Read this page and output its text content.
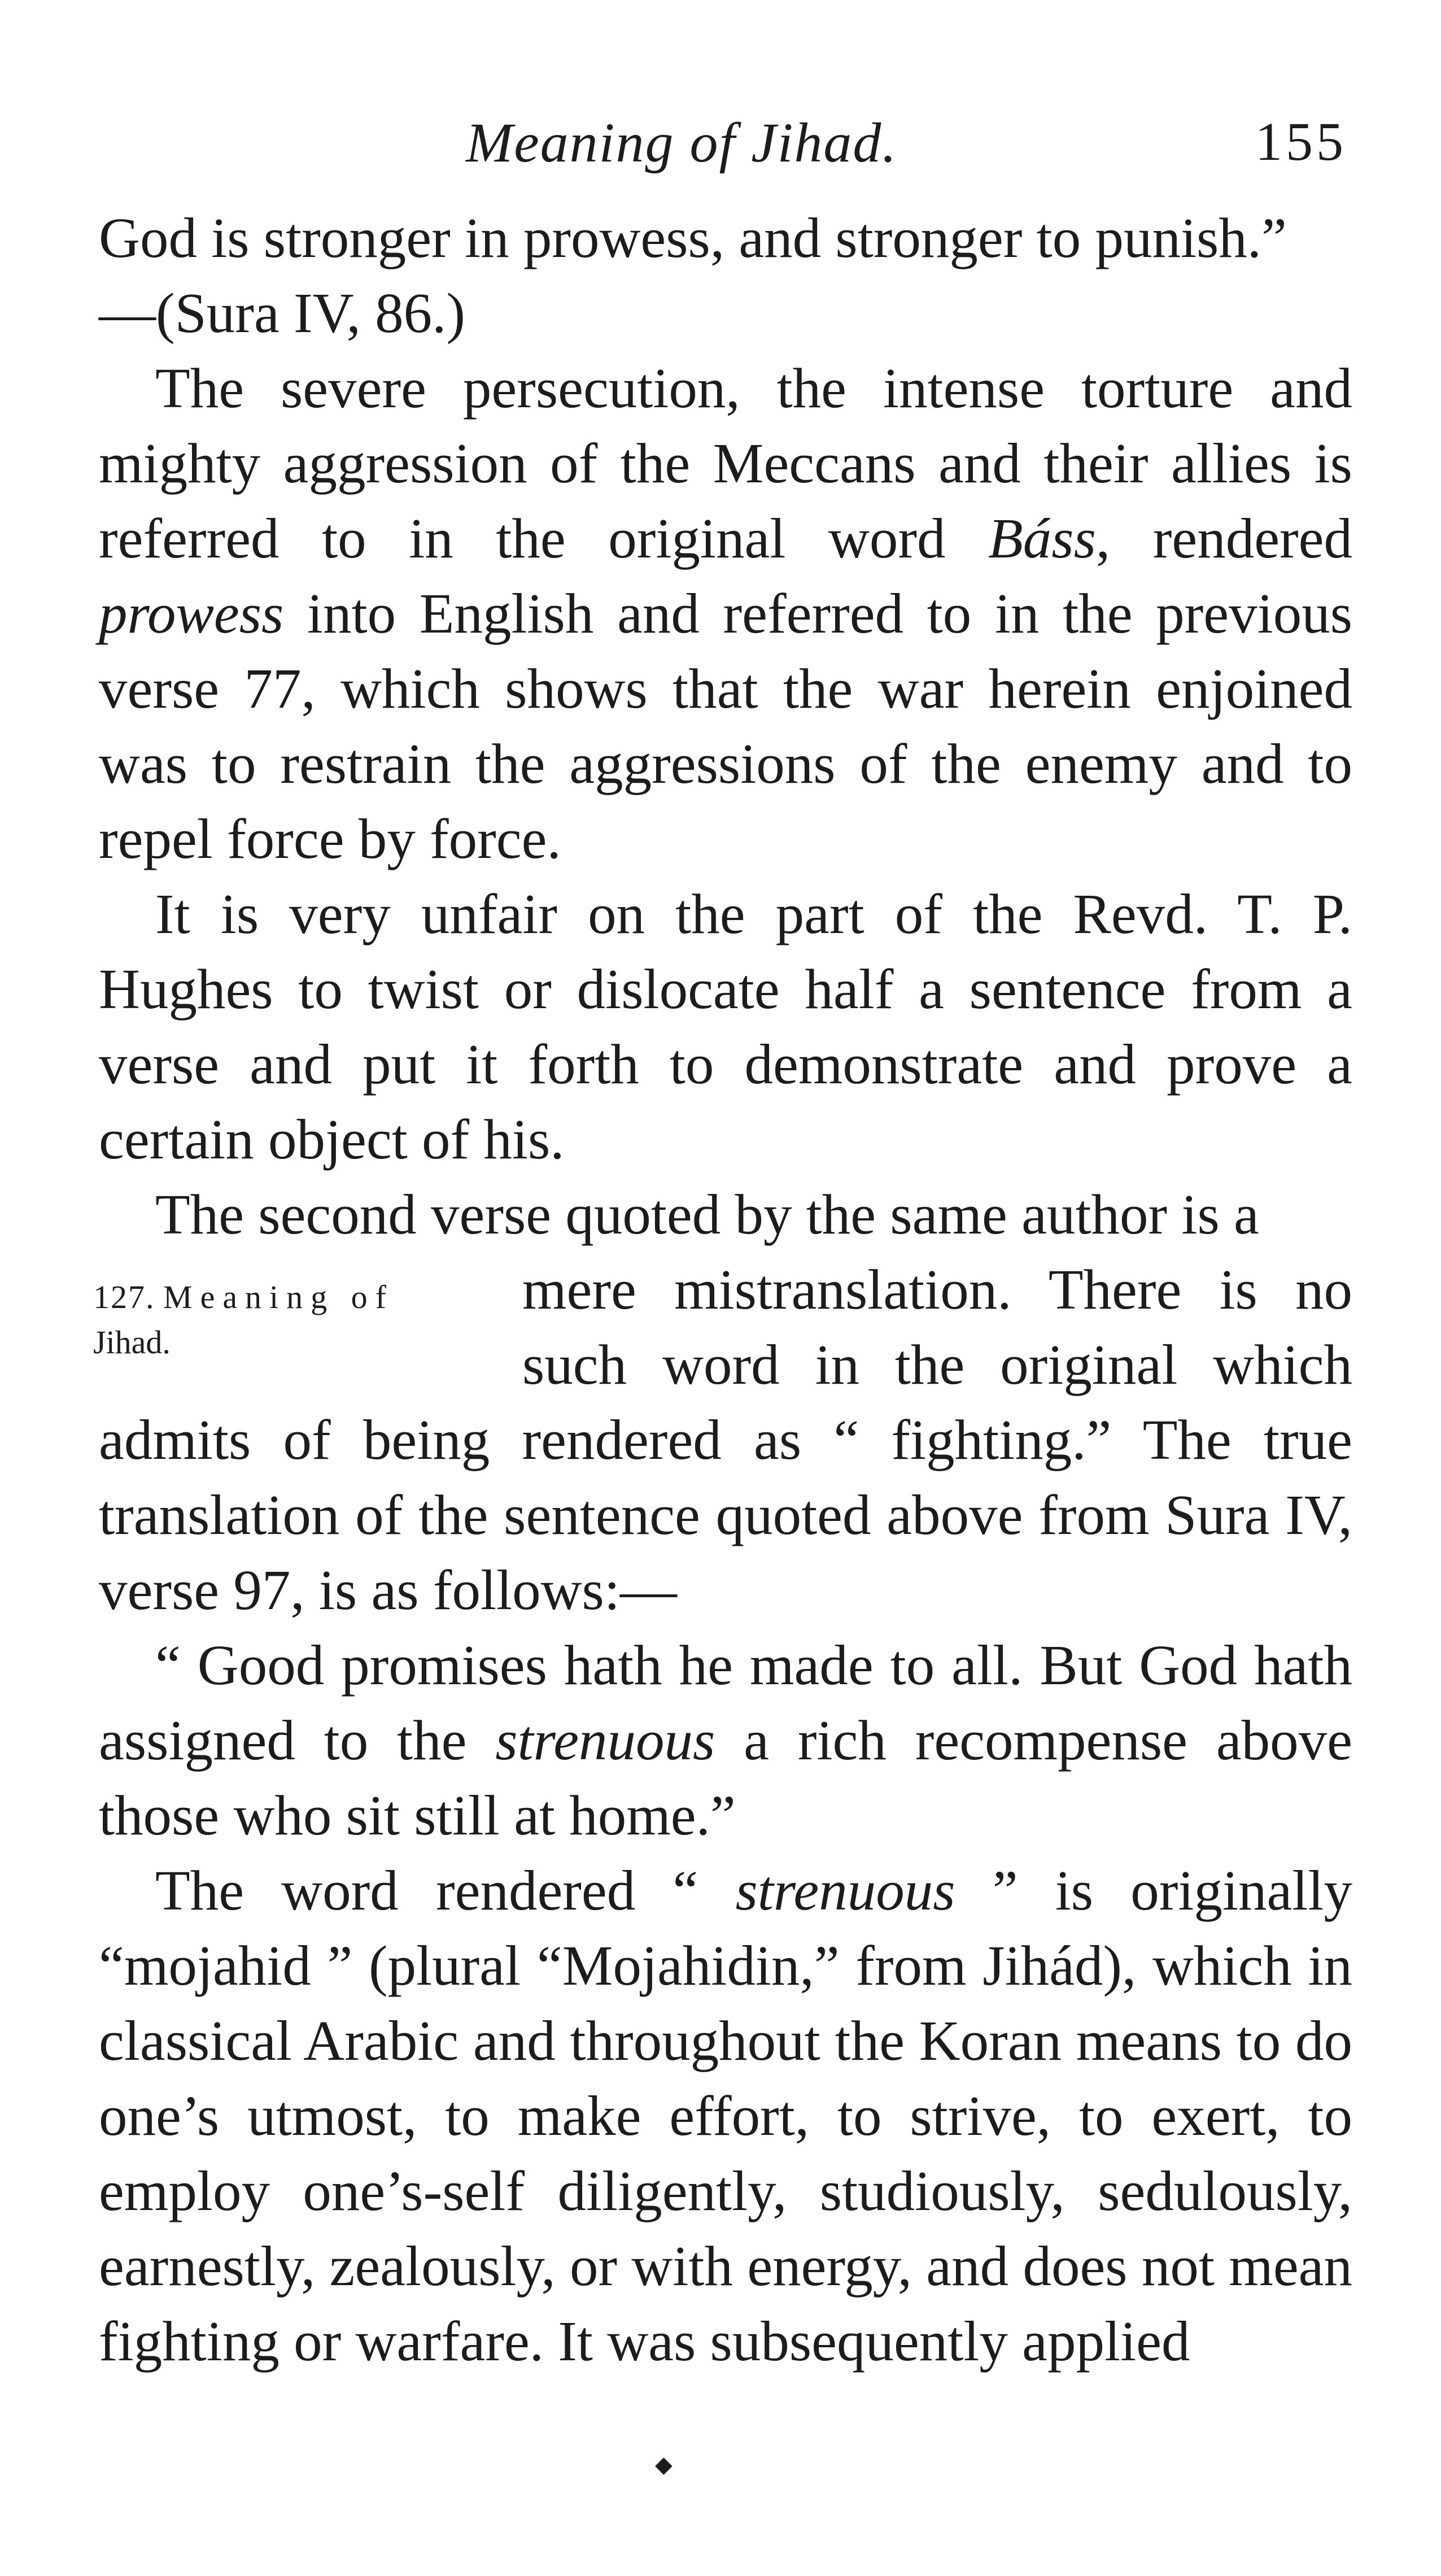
Meaning of Jihad.	155

God is stronger in prowess, and stronger to punish.”

—(Sura IV, 86.)

The severe persecution, the intense torture and mighty aggression of the Meccans and their allies is referred to in the original word Báss, rendered prowess into English and referred to in the previous verse 77, which shows that the war herein enjoined was to restrain the aggressions of the enemy and to repel force by force.

It is very unfair on the part of the Revd. T. P. Hughes to twist or dislocate half a sentence from a verse and put it forth to demonstrate and prove a certain object of his.

The second verse quoted by the same author is a

127. Meaning of
Jihad.

mere mistranslation. There is no such word in the original which admits of being rendered as “ fighting.” The true translation of the sentence quoted above from Sura IV, verse 97, is as follows:—

“ Good promises hath he made to all. But God hath assigned to the strenuous a rich recompense above those who sit still at home.”

The word rendered “ strenuous ” is originally “mojahid ” (plural “Mojahidin,” from Jihád), which in classical Arabic and throughout the Koran means to do one’s utmost, to make effort, to strive, to exert, to employ one’s-self diligently, studiously, sedulously, earnestly, zealously, or with energy, and does not mean fighting or warfare. It was subsequently applied

◆
